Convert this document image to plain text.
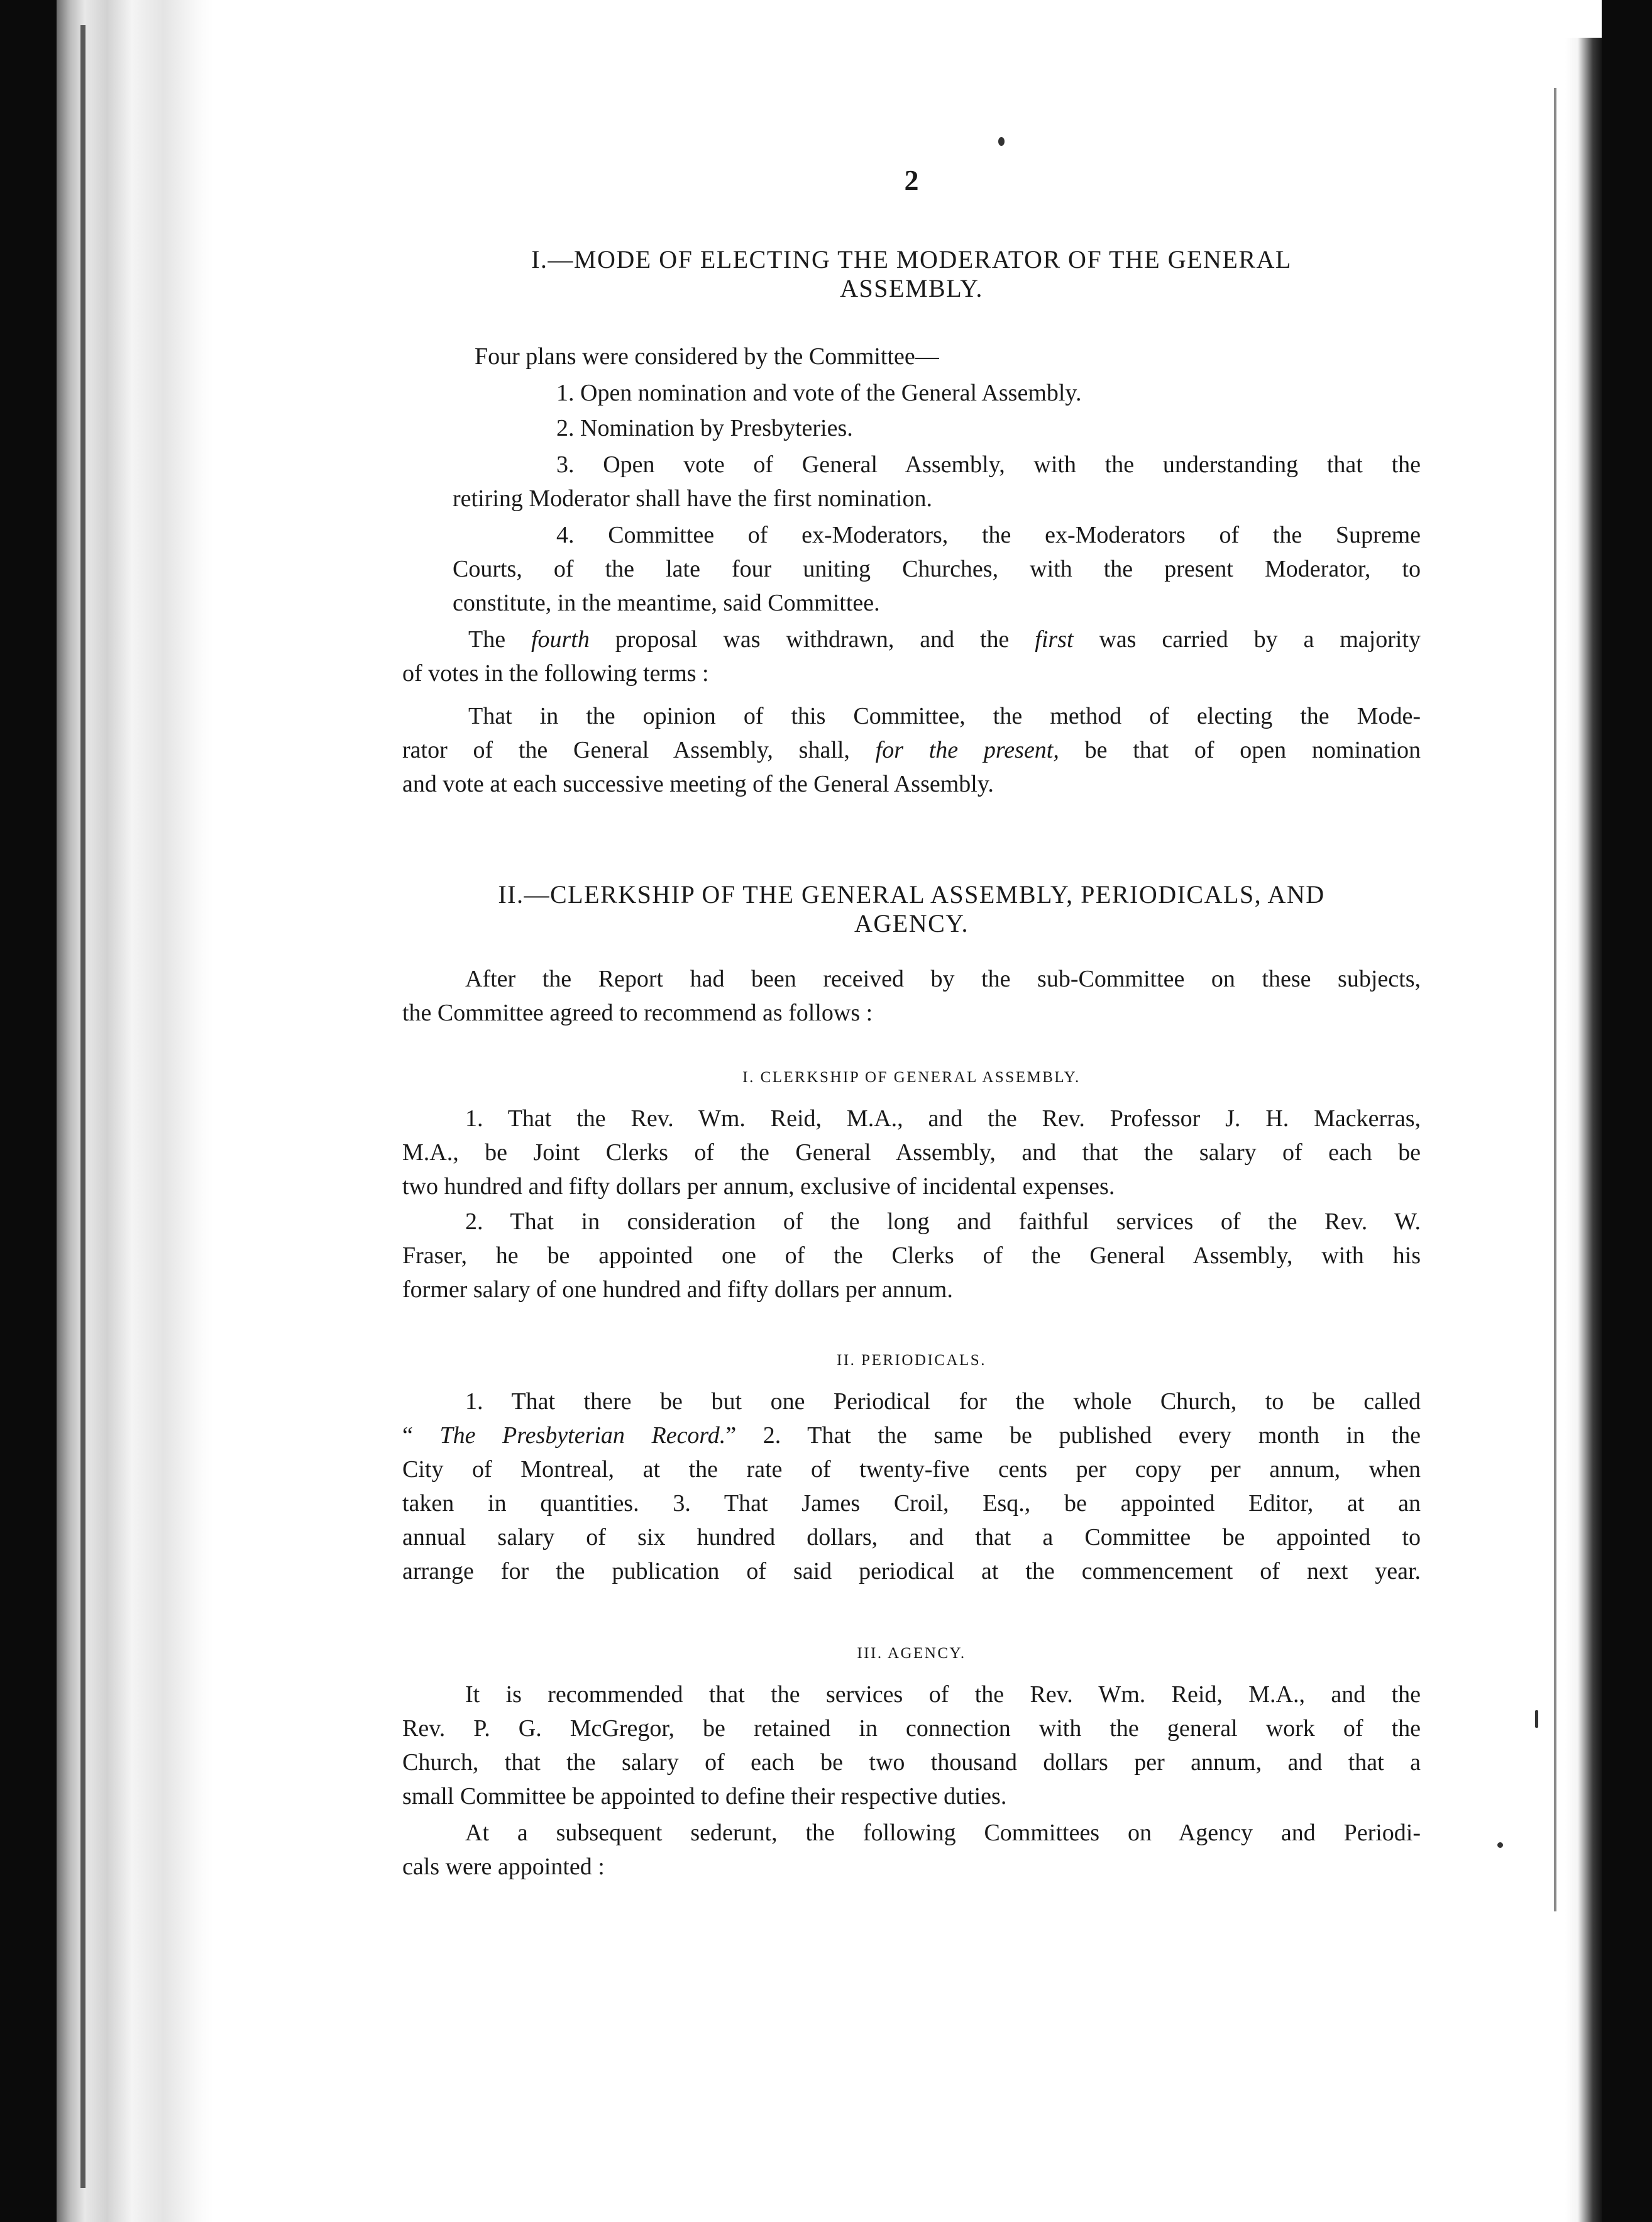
2
I.—MODE OF ELECTING THE MODERATOR OF THE GENERAL
ASSEMBLY.
Four plans were considered by the Committee—
1. Open nomination and vote of the General Assembly.
2. Nomination by Presbyteries.
3. Open vote of General Assembly, with the understanding that the
retiring Moderator shall have the first nomination.
4. Committee of ex-Moderators, the ex-Moderators of the Supreme
Courts, of the late four uniting Churches, with the present Moderator, to
constitute, in the meantime, said Committee.
The fourth proposal was withdrawn, and the first was carried by a majority
of votes in the following terms :
That in the opinion of this Committee, the method of electing the Mode-
rator of the General Assembly, shall, for the present, be that of open nomination
and vote at each successive meeting of the General Assembly.
II.—CLERKSHIP OF THE GENERAL ASSEMBLY, PERIODICALS, AND
AGENCY.
After the Report had been received by the sub-Committee on these subjects,
the Committee agreed to recommend as follows :
I. CLERKSHIP OF GENERAL ASSEMBLY.
1. That the Rev. Wm. Reid, M.A., and the Rev. Professor J. H. Mackerras,
M.A., be Joint Clerks of the General Assembly, and that the salary of each be
two hundred and fifty dollars per annum, exclusive of incidental expenses.
2. That in consideration of the long and faithful services of the Rev. W.
Fraser, he be appointed one of the Clerks of the General Assembly, with his
former salary of one hundred and fifty dollars per annum.
II. PERIODICALS.
1. That there be but one Periodical for the whole Church, to be called
“ The Presbyterian Record.” 2. That the same be published every month in the
City of Montreal, at the rate of twenty-five cents per copy per annum, when
taken in quantities. 3. That James Croil, Esq., be appointed Editor, at an
annual salary of six hundred dollars, and that a Committee be appointed to
arrange for the publication of said periodical at the commencement of next year.
III. AGENCY.
It is recommended that the services of the Rev. Wm. Reid, M.A., and the
Rev. P. G. McGregor, be retained in connection with the general work of the
Church, that the salary of each be two thousand dollars per annum, and that a
small Committee be appointed to define their respective duties.
At a subsequent sederunt, the following Committees on Agency and Periodi-
cals were appointed :
